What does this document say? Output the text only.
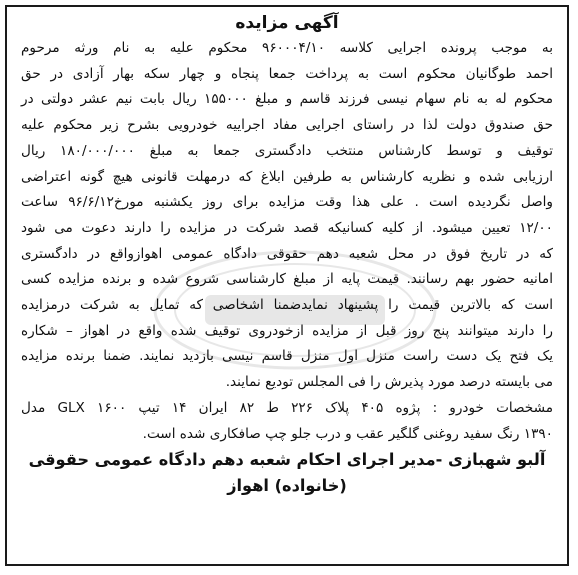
آگهی مزایده
به موجب پرونده اجرایی کلاسه ۹۶۰۰۰۴/۱۰ محکوم علیه به نام ورثه مرحوم
احمد طوگانیان محکوم است به پرداخت جمعا پنجاه و چهار سکه بهار آزادی در حق
محکوم له به نام سهام نیسی فرزند قاسم و مبلغ ۱۵۵۰۰۰ ریال بابت نیم عشر دولتی در
حق صندوق دولت لذا در راستای اجرایی مفاد اجراییه خودرویی بشرح زیر محکوم علیه
توقیف و توسط کارشناس منتخب دادگستری جمعا به مبلغ ۱۸۰/۰۰۰/۰۰۰ ریال
ارزیابی شده و نظریه کارشناس به طرفین ابلاغ که درمهلت قانونی هیچ گونه اعتراضی
واصل نگردیده است . علی هذا وقت مزایده برای روز یکشنبه مورخ۹۶/۶/۱۲ ساعت
۱۲/۰۰ تعیین میشود. از کلیه کسانیکه قصد شرکت در مزایده را دارند دعوت می شود
که در تاریخ فوق در محل شعبه دهم حقوقی دادگاه عمومی اهوازواقع در دادگستری
امانیه حضور بهم رسانند. قیمت پایه از مبلغ کارشناسی شروع شده و برنده مزایده کسی
است که بالاترین قیمت را پشینهاد نمایدضمنا اشخاصی که تمایل به شرکت درمزایده
را دارند میتوانند پنج روز قبل از مزایده ازخودروی توقیف شده واقع در اهواز – شکاره
یک فتح یک دست راست منزل اول منزل قاسم نیسی بازدید نمایند. ضمنا برنده مزایده
می بایسته درصد مورد پذیرش را فی المجلس تودیع نمایند.
مشخصات خودرو : پژوه ۴۰۵ پلاک ۲۲۶ ط ۸۲ ایران ۱۴ تیپ ۱۶۰۰ GLX مدل
۱۳۹۰ رنگ سفید روغنی گلگیر عقب و درب جلو چپ صافکاری شده است.
آلبو شهبازی -مدیر اجرای احکام شعبه دهم دادگاه عمومی حقوقی
(خانواده) اهواز
